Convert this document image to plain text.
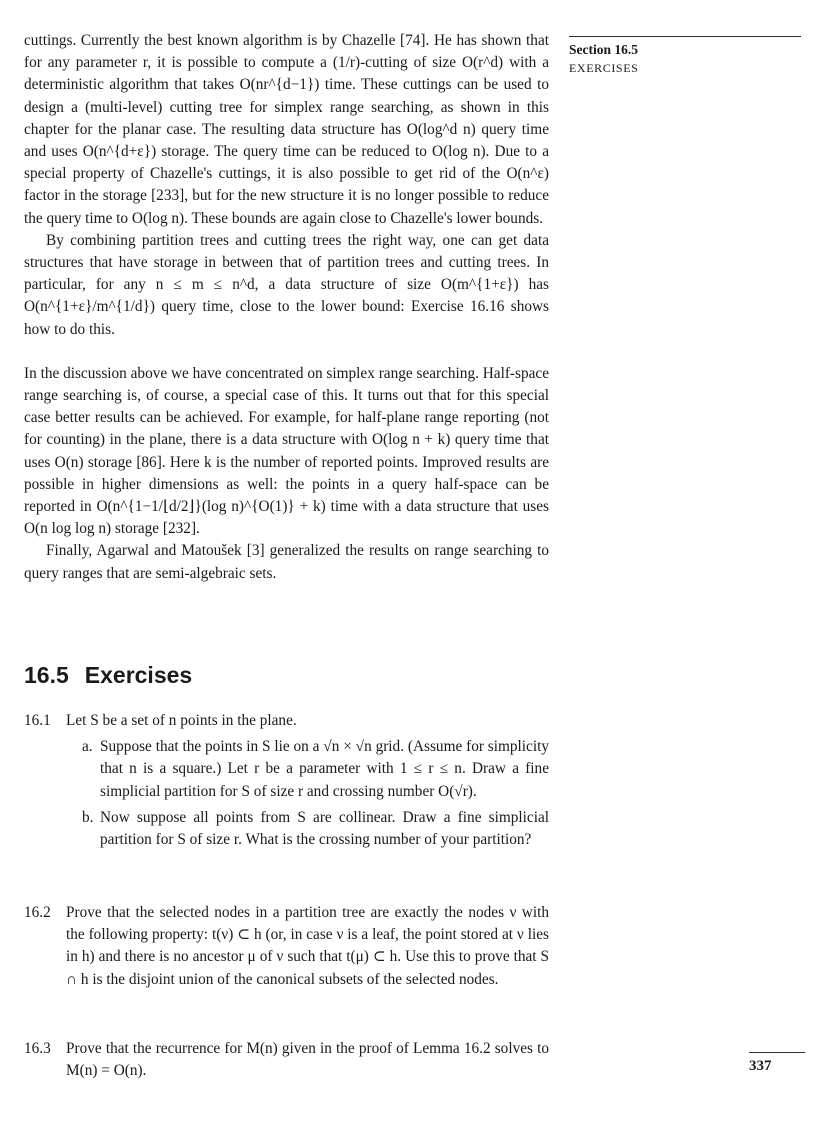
Section 16.5
EXERCISES

cuttings. Currently the best known algorithm is by Chazelle [74]. He has shown that for any parameter r, it is possible to compute a (1/r)-cutting of size O(r^d) with a deterministic algorithm that takes O(nr^{d−1}) time. These cuttings can be used to design a (multi-level) cutting tree for simplex range searching, as shown in this chapter for the planar case. The resulting data structure has O(log^d n) query time and uses O(n^{d+ε}) storage. The query time can be reduced to O(log n). Due to a special property of Chazelle's cuttings, it is also possible to get rid of the O(n^ε) factor in the storage [233], but for the new structure it is no longer possible to reduce the query time to O(log n). These bounds are again close to Chazelle's lower bounds.

By combining partition trees and cutting trees the right way, one can get data structures that have storage in between that of partition trees and cutting trees. In particular, for any n ≤ m ≤ n^d, a data structure of size O(m^{1+ε}) has O(n^{1+ε}/m^{1/d}) query time, close to the lower bound: Exercise 16.16 shows how to do this.

In the discussion above we have concentrated on simplex range searching. Half-space range searching is, of course, a special case of this. It turns out that for this special case better results can be achieved. For example, for half-plane range reporting (not for counting) in the plane, there is a data structure with O(log n + k) query time that uses O(n) storage [86]. Here k is the number of reported points. Improved results are possible in higher dimensions as well: the points in a query half-space can be reported in O(n^{1−1/⌊d/2⌋}(log n)^{O(1)} + k) time with a data structure that uses O(n log log n) storage [232].

Finally, Agarwal and Matoušek [3] generalized the results on range searching to query ranges that are semi-algebraic sets.

16.5 Exercises
16.1 Let S be a set of n points in the plane.
a. Suppose that the points in S lie on a √n × √n grid. (Assume for simplicity that n is a square.) Let r be a parameter with 1 ≤ r ≤ n. Draw a fine simplicial partition for S of size r and crossing number O(√r).
b. Now suppose all points from S are collinear. Draw a fine simplicial partition for S of size r. What is the crossing number of your partition?
16.2 Prove that the selected nodes in a partition tree are exactly the nodes ν with the following property: t(ν) ⊂ h (or, in case ν is a leaf, the point stored at ν lies in h) and there is no ancestor μ of ν such that t(μ) ⊂ h. Use this to prove that S ∩ h is the disjoint union of the canonical subsets of the selected nodes.
16.3 Prove that the recurrence for M(n) given in the proof of Lemma 16.2 solves to M(n) = O(n).	337
